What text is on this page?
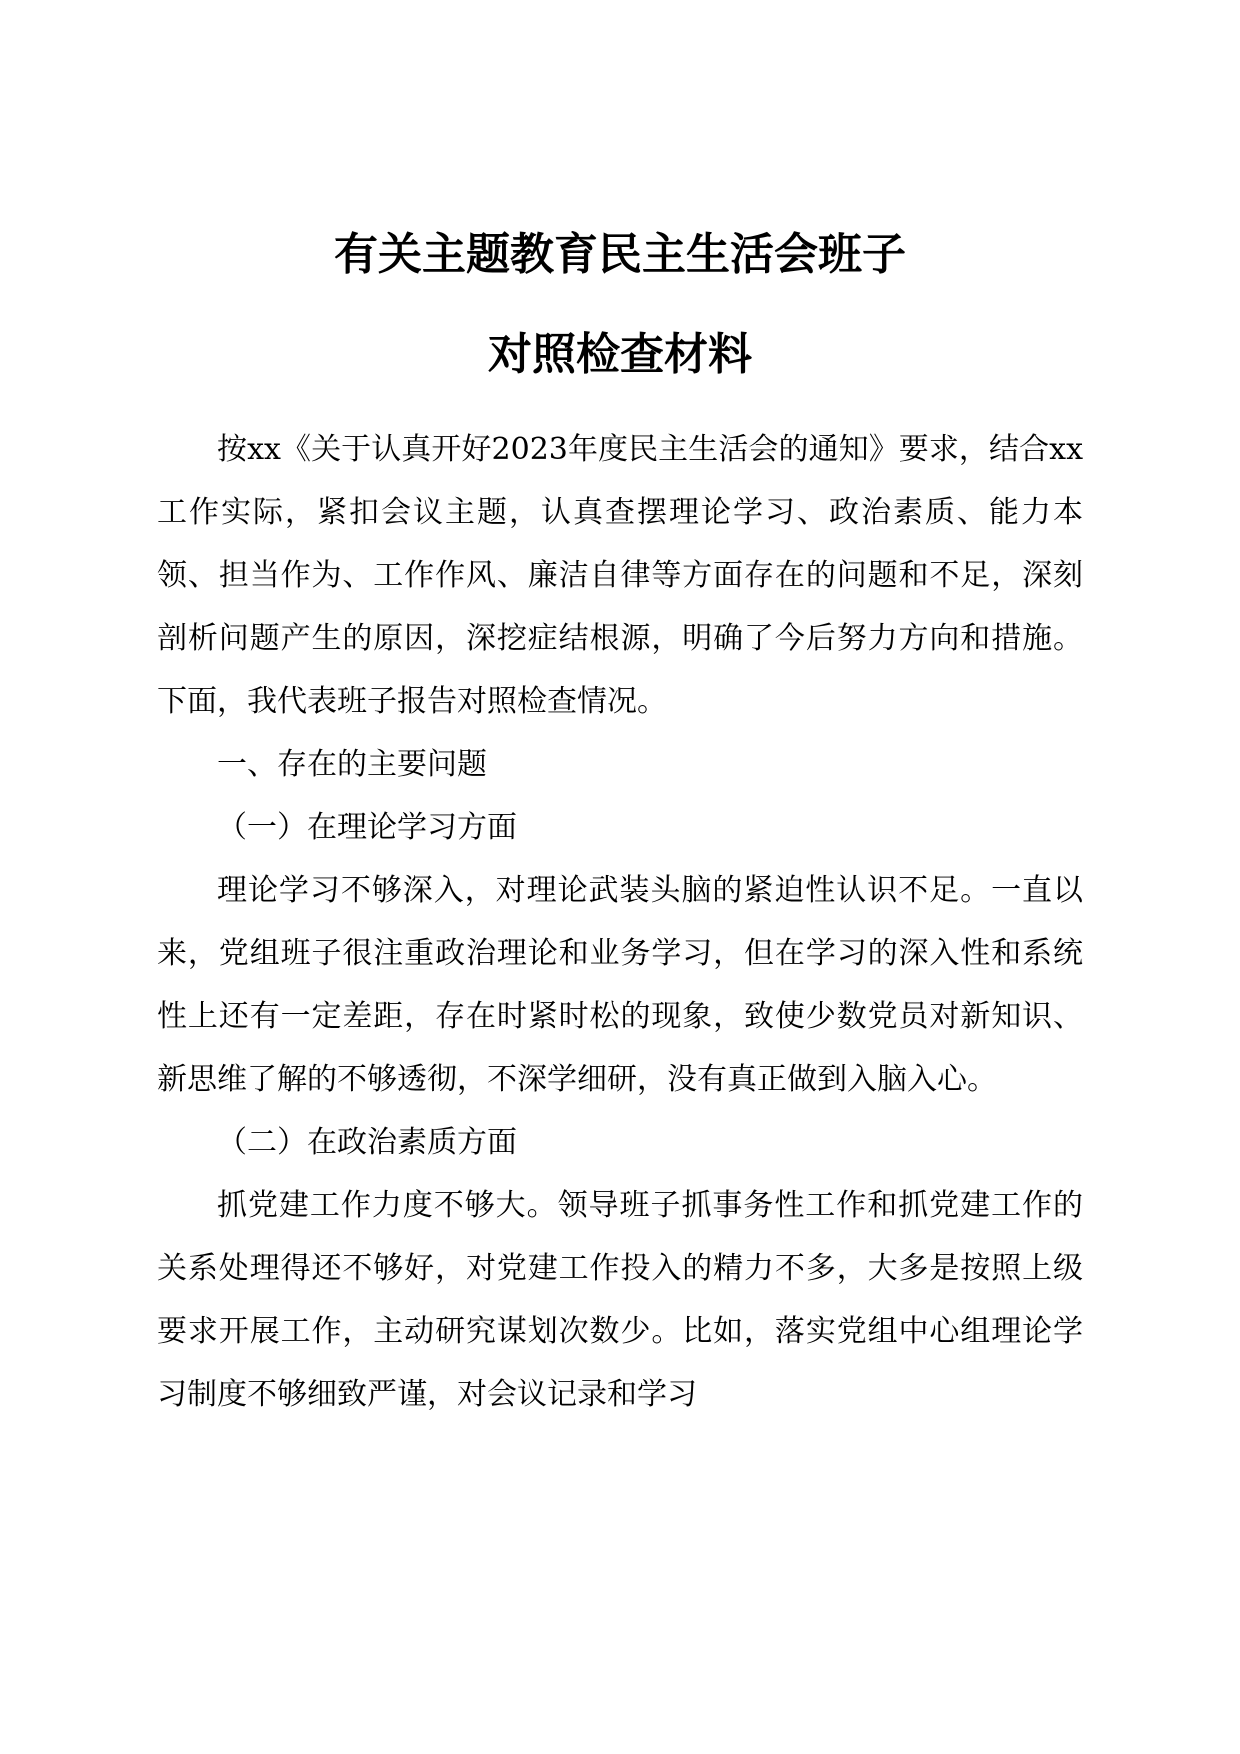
有关主题教育民主生活会班子
对照检查材料

按xx《关于认真开好2023年度民主生活会的通知》要求，结合xx工作实际，紧扣会议主题，认真查摆理论学习、政治素质、能力本领、担当作为、工作作风、廉洁自律等方面存在的问题和不足，深刻剖析问题产生的原因，深挖症结根源，明确了今后努力方向和措施。下面，我代表班子报告对照检查情况。

一、存在的主要问题

（一）在理论学习方面

理论学习不够深入，对理论武装头脑的紧迫性认识不足。一直以来，党组班子很注重政治理论和业务学习，但在学习的深入性和系统性上还有一定差距，存在时紧时松的现象，致使少数党员对新知识、新思维了解的不够透彻，不深学细研，没有真正做到入脑入心。

（二）在政治素质方面

抓党建工作力度不够大。领导班子抓事务性工作和抓党建工作的关系处理得还不够好，对党建工作投入的精力不多，大多是按照上级要求开展工作，主动研究谋划次数少。比如，落实党组中心组理论学习制度不够细致严谨，对会议记录和学习
